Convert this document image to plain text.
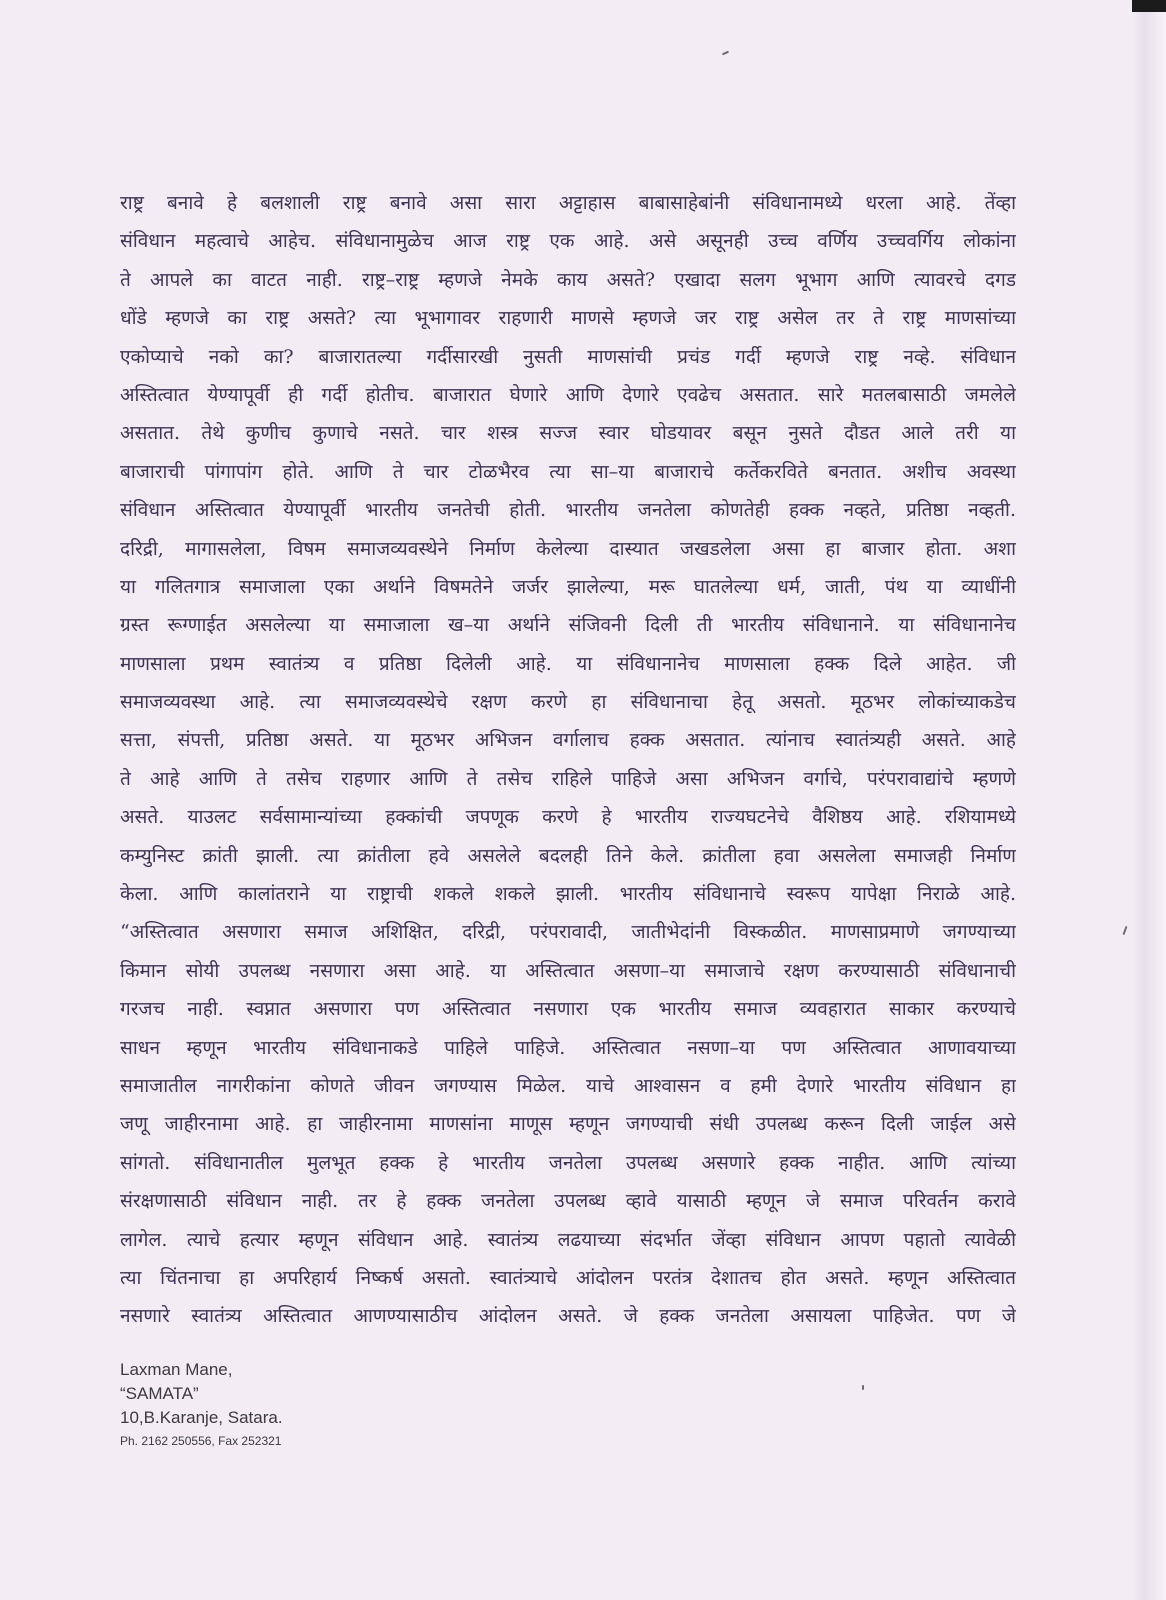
राष्ट्र बनावे हे बलशाली राष्ट्र बनावे असा सारा अट्टाहास बाबासाहेबांनी संविधानामध्ये धरला आहे. तेंव्हा
संविधान महत्वाचे आहेच. संविधानामुळेच आज राष्ट्र एक आहे. असे असूनही उच्च वर्णिय उच्चवर्गिय लोकांना
ते आपले का वाटत नाही. राष्ट्र–राष्ट्र म्हणजे नेमके काय असते? एखादा सलग भूभाग आणि त्यावरचे दगड
धोंडे म्हणजे का राष्ट्र असते? त्या भूभागावर राहणारी माणसे म्हणजे जर राष्ट्र असेल तर ते राष्ट्र माणसांच्या
एकोप्याचे नको का? बाजारातल्या गर्दीसारखी नुसती माणसांची प्रचंड गर्दी म्हणजे राष्ट्र नव्हे. संविधान
अस्तित्वात येण्यापूर्वी ही गर्दी होतीच. बाजारात घेणारे आणि देणारे एवढेच असतात. सारे मतलबासाठी जमलेले
असतात. तेथे कुणीच कुणाचे नसते. चार शस्त्र सज्ज स्वार घोडयावर बसून नुसते दौडत आले तरी या
बाजाराची पांगापांग होते. आणि ते चार टोळभैरव त्या सा–या बाजाराचे कर्तेकरविते बनतात. अशीच अवस्था
संविधान अस्तित्वात येण्यापूर्वी भारतीय जनतेची होती. भारतीय जनतेला कोणतेही हक्क नव्हते, प्रतिष्ठा नव्हती.
दरिद्री, मागासलेला, विषम समाजव्यवस्थेने निर्माण केलेल्या दास्यात जखडलेला असा हा बाजार होता. अशा
या गलितगात्र समाजाला एका अर्थाने विषमतेने जर्जर झालेल्या, मरू घातलेल्या धर्म, जाती, पंथ या व्याधींनी
ग्रस्त रूग्णाईत असलेल्या या समाजाला ख–या अर्थाने संजिवनी दिली ती भारतीय संविधानाने. या संविधानानेच
माणसाला प्रथम स्वातंत्र्य व प्रतिष्ठा दिलेली आहे. या संविधानानेच माणसाला हक्क दिले आहेत. जी
समाजव्यवस्था आहे. त्या समाजव्यवस्थेचे रक्षण करणे हा संविधानाचा हेतू असतो. मूठभर लोकांच्याकडेच
सत्ता, संपत्ती, प्रतिष्ठा असते. या मूठभर अभिजन वर्गालाच हक्क असतात. त्यांनाच स्वातंत्र्यही असते. आहे
ते आहे आणि ते तसेच राहणार आणि ते तसेच राहिले पाहिजे असा अभिजन वर्गाचे, परंपरावाद्यांचे म्हणणे
असते. याउलट सर्वसामान्यांच्या हक्कांची जपणूक करणे हे भारतीय राज्यघटनेचे वैशिष्ठय आहे. रशियामध्ये
कम्युनिस्ट क्रांती झाली. त्या क्रांतीला हवे असलेले बदलही तिने केले. क्रांतीला हवा असलेला समाजही निर्माण
केला. आणि कालांतराने या राष्ट्राची शकले शकले झाली. भारतीय संविधानाचे स्वरूप यापेक्षा निराळे आहे.
“अस्तित्वात असणारा समाज अशिक्षित, दरिद्री, परंपरावादी, जातीभेदांनी विस्कळीत. माणसाप्रमाणे जगण्याच्या
किमान सोयी उपलब्ध नसणारा असा आहे. या अस्तित्वात असणा–या समाजाचे रक्षण करण्यासाठी संविधानाची
गरजच नाही. स्वप्नात असणारा पण अस्तित्वात नसणारा एक भारतीय समाज व्यवहारात साकार करण्याचे
साधन म्हणून भारतीय संविधानाकडे पाहिले पाहिजे. अस्तित्वात नसणा–या पण अस्तित्वात आणावयाच्या
समाजातील नागरीकांना कोणते जीवन जगण्यास मिळेल. याचे आश्वासन व हमी देणारे भारतीय संविधान हा
जणू जाहीरनामा आहे. हा जाहीरनामा माणसांना माणूस म्हणून जगण्याची संधी उपलब्ध करून दिली जाईल असे
सांगतो. संविधानातील मुलभूत हक्क हे भारतीय जनतेला उपलब्ध असणारे हक्क नाहीत. आणि त्यांच्या
संरक्षणासाठी संविधान नाही. तर हे हक्क जनतेला उपलब्ध व्हावे यासाठी म्हणून जे समाज परिवर्तन करावे
लागेल. त्याचे हत्यार म्हणून संविधान आहे. स्वातंत्र्य लढयाच्या संदर्भात जेंव्हा संविधान आपण पहातो त्यावेळी
त्या चिंतनाचा हा अपरिहार्य निष्कर्ष असतो. स्वातंत्र्याचे आंदोलन परतंत्र देशातच होत असते. म्हणून अस्तित्वात
नसणारे स्वातंत्र्य अस्तित्वात आणण्यासाठीच आंदोलन असते. जे हक्क जनतेला असायला पाहिजेत. पण जे
Laxman Mane,
“SAMATA”
10,B.Karanje, Satara.
Ph. 2162 250556, Fax 252321
